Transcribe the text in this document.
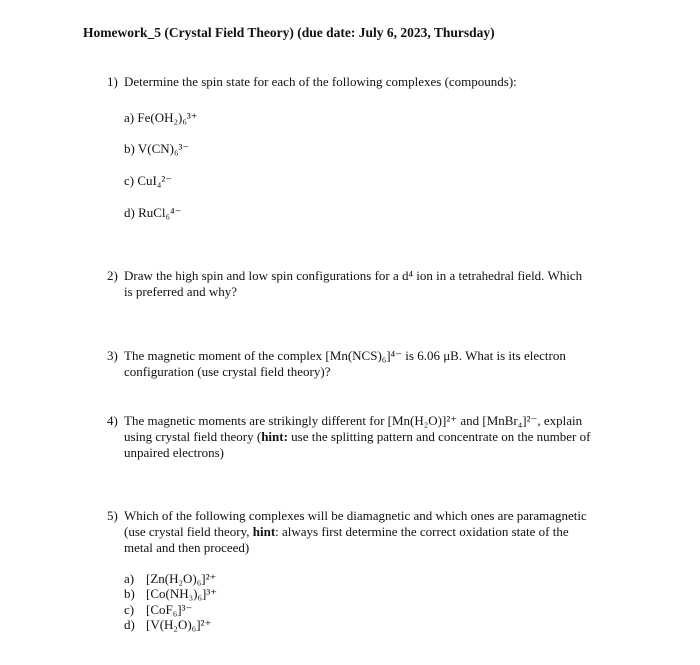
Homework_5 (Crystal Field Theory) (due date: July 6, 2023, Thursday)
1) Determine the spin state for each of the following complexes (compounds):
a) Fe(OH₂)₆³⁺
b) V(CN)₆³⁻
c) CuI₄²⁻
d) RuCl₆⁴⁻
2) Draw the high spin and low spin configurations for a d⁴ ion in a tetrahedral field. Which
is preferred and why?
3) The magnetic moment of the complex [Mn(NCS)₆]⁴⁻ is 6.06 μB. What is its electron
configuration (use crystal field theory)?
4) The magnetic moments are strikingly different for [Mn(H₂O)]²⁺ and [MnBr₄]²⁻, explain
using crystal field theory (hint: use the splitting pattern and concentrate on the number of
unpaired electrons)
5) Which of the following complexes will be diamagnetic and which ones are paramagnetic
(use crystal field theory, hint: always first determine the correct oxidation state of the
metal and then proceed)
a) [Zn(H₂O)₆]²⁺
b) [Co(NH₃)₆]³⁺
c) [CoF₆]³⁻
d) [V(H₂O)₆]²⁺
